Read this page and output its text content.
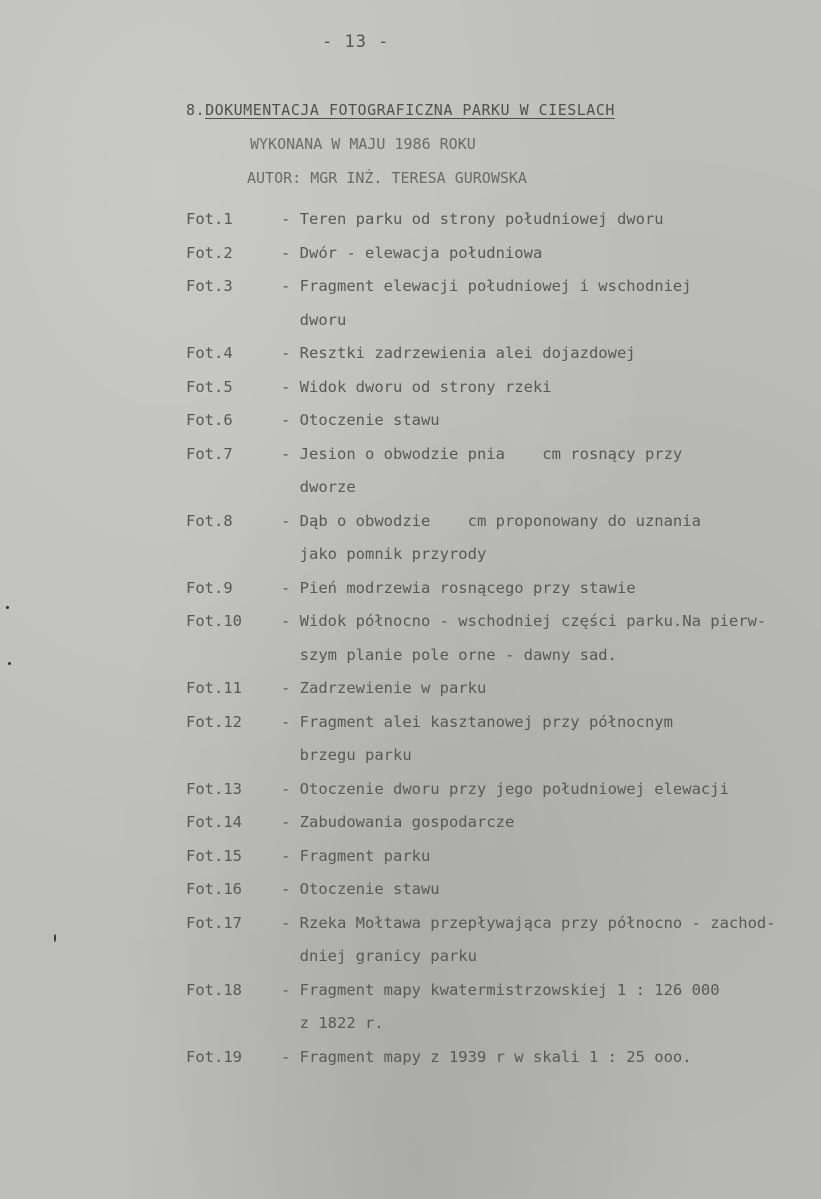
- 13 -
8.DOKUMENTACJA FOTOGRAFICZNA PARKU W CIESLACH
WYKONANA W MAJU 1986 ROKU
AUTOR: MGR INŻ. TERESA GUROWSKA
Fot.1	- Teren parku od strony południowej dworu
Fot.2	- Dwór - elewacja południowa
Fot.3	- Fragment elewacji południowej i wschodniej
dworu
Fot.4	- Resztki zadrzewienia alei dojazdowej
Fot.5	- Widok dworu od strony rzeki
Fot.6	- Otoczenie stawu
Fot.7	- Jesion o obwodzie pnia    cm rosnący przy
dworze
Fot.8	- Dąb o obwodzie    cm proponowany do uznania
jako pomnik przyrody
Fot.9	- Pień modrzewia rosnącego przy stawie
Fot.10	- Widok północno - wschodniej części parku.Na pierw-
szym planie pole orne - dawny sad.
Fot.11	- Zadrzewienie w parku
Fot.12	- Fragment alei kasztanowej przy północnym
brzegu parku
Fot.13	- Otoczenie dworu przy jego południowej elewacji
Fot.14	- Zabudowania gospodarcze
Fot.15	- Fragment parku
Fot.16	- Otoczenie stawu
Fot.17	- Rzeka Mołtawa przepływająca przy północno - zachod-
dniej granicy parku
Fot.18	- Fragment mapy kwatermistrzowskiej 1 : 126 000
z 1822 r.
Fot.19	- Fragment mapy z 1939 r w skali 1 : 25 ooo.
